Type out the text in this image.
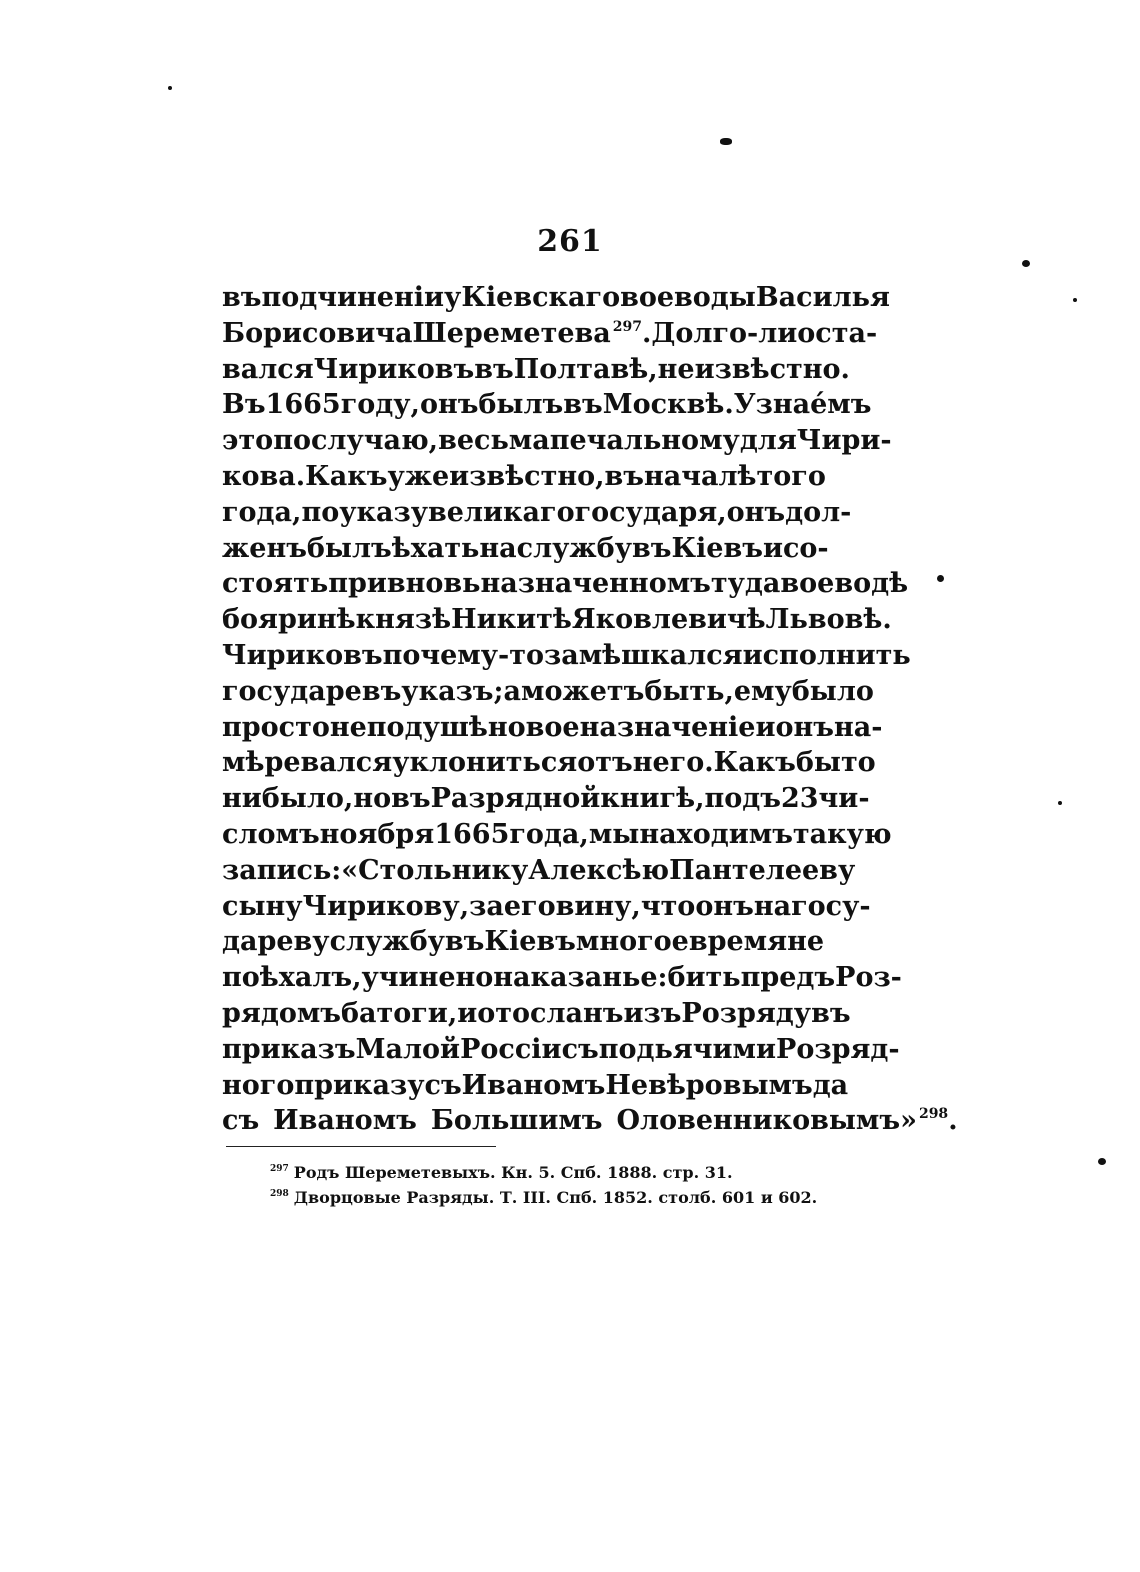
261
въ подчиненіи у Кіевскаго воеводы Василья
Борисовича Шереметева $^{297}$. Долго-ли оста-
вался Чириковъ въ Полтавѣ, неизвѣстно.
Въ 1665 году, онъ былъ въ Москвѣ. Узнаéмъ
это по случаю, весьма печальному для Чири-
кова. Какъ уже извѣстно, въ началѣ того
года, по указу великаго государя, онъ дол-
женъ былъ ѣхать на службу въ Кіевъ и со-
стоять при вновь назначенномъ туда воеводѣ
бояринѣ князѣ Никитѣ Яковлевичѣ Львовѣ.
Чириковъ почему-то замѣшкался исполнить
государевъ указъ; а можетъ быть, ему было
просто не по душѣ новое назначеніе и онъ на-
мѣревался уклониться отъ него. Какъ бы то
ни было, но въ Разрядной книгѣ, подъ 23 чи-
сломъ ноября 1665 года, мы находимъ такую
запись: «Стольнику Алексѣю Пантелееву
сыну Чирикову, за его вину, что онъ на госу-
дареву службу въ Кіевъ многое время не
поѣхалъ, учинено наказанье: бить предъ Роз-
рядомъ батоги, и отосланъ изъ Розряду въ
приказъ Малой Россіи съ подьячими Розряд-
ного приказу съ Иваномъ Невѣровымъ да
съ Иваномъ Большимъ Оловенниковымъ» $^{298}$.
$^{297}$ Родъ Шереметевыхъ. Кн. 5. Спб. 1888. стр. 31.
$^{298}$ Дворцовые Разряды. Т. III. Спб. 1852. столб. 601 и 602.
